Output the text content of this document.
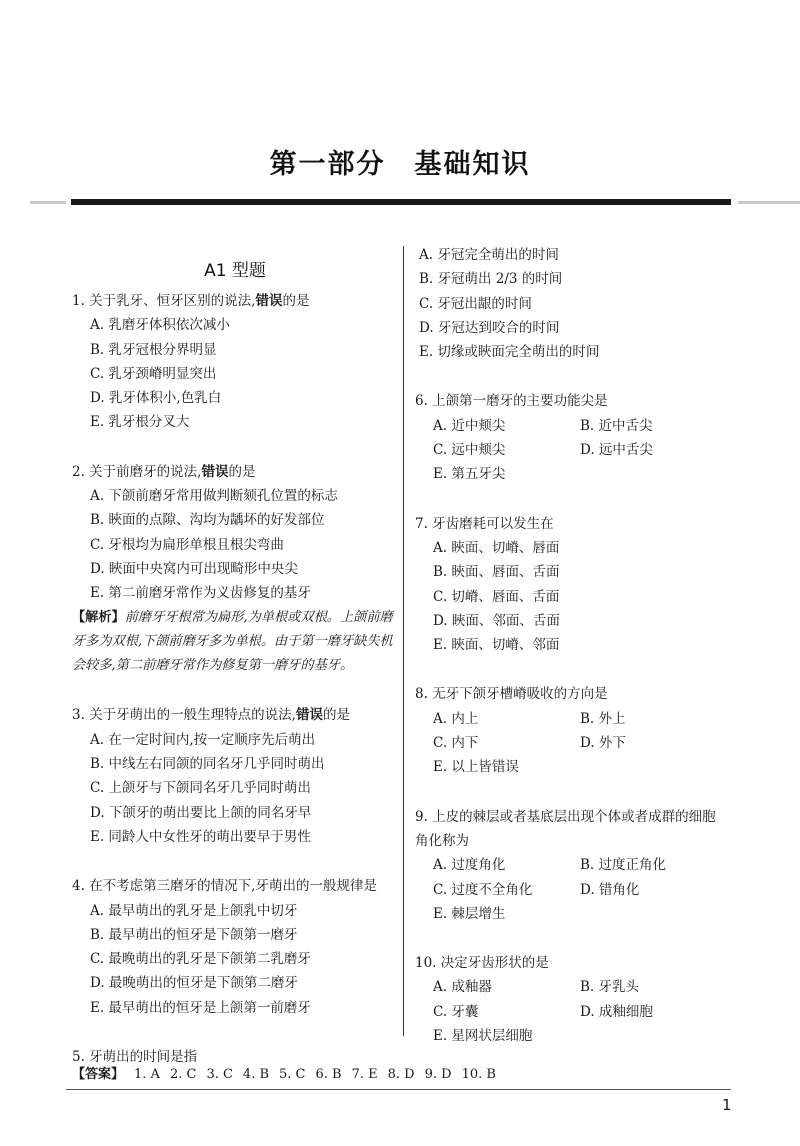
第一部分　基础知识
A1 型题
1. 关于乳牙、恒牙区别的说法,错误的是
A. 乳磨牙体积依次减小
B. 乳牙冠根分界明显
C. 乳牙颈嵴明显突出
D. 乳牙体积小,色乳白
E. 乳牙根分叉大
2. 关于前磨牙的说法,错误的是
A. 下颌前磨牙常用做判断颏孔位置的标志
B. 䀹面的点隙、沟均为龋坏的好发部位
C. 牙根均为扁形单根且根尖弯曲
D. 䀹面中央窝内可出现畸形中央尖
E. 第二前磨牙常作为义齿修复的基牙
【解析】前磨牙牙根常为扁形,为单根或双根。上颌前磨牙多为双根,下颌前磨牙多为单根。由于第一磨牙缺失机会较多,第二前磨牙常作为修复第一磨牙的基牙。
3. 关于牙萌出的一般生理特点的说法,错误的是
A. 在一定时间内,按一定顺序先后萌出
B. 中线左右同颌的同名牙几乎同时萌出
C. 上颌牙与下颌同名牙几乎同时萌出
D. 下颌牙的萌出要比上颌的同名牙早
E. 同龄人中女性牙的萌出要早于男性
4. 在不考虑第三磨牙的情况下,牙萌出的一般规律是
A. 最早萌出的乳牙是上颌乳中切牙
B. 最早萌出的恒牙是下颌第一磨牙
C. 最晚萌出的乳牙是下颌第二乳磨牙
D. 最晚萌出的恒牙是下颌第二磨牙
E. 最早萌出的恒牙是上颌第一前磨牙
5. 牙萌出的时间是指
A. 牙冠完全萌出的时间
B. 牙冠萌出 2/3 的时间
C. 牙冠出龈的时间
D. 牙冠达到咬合的时间
E. 切缘或䀹面完全萌出的时间
6. 上颌第一磨牙的主要功能尖是
A. 近中颊尖	B. 近中舌尖
C. 远中颊尖	D. 远中舌尖
E. 第五牙尖
7. 牙齿磨耗可以发生在
A. 䀹面、切嵴、唇面
B. 䀹面、唇面、舌面
C. 切嵴、唇面、舌面
D. 䀹面、邻面、舌面
E. 䀹面、切嵴、邻面
8. 无牙下颌牙槽嵴吸收的方向是
A. 内上	B. 外上
C. 内下	D. 外下
E. 以上皆错误
9. 上皮的棘层或者基底层出现个体或者成群的细胞角化称为
A. 过度角化	B. 过度正角化
C. 过度不全角化	D. 错角化
E. 棘层增生
10. 决定牙齿形状的是
A. 成釉器	B. 牙乳头
C. 牙囊	D. 成釉细胞
E. 星网状层细胞
【答案】 1. A 2. C 3. C 4. B 5. C 6. B 7. E 8. D 9. D 10. B
1
